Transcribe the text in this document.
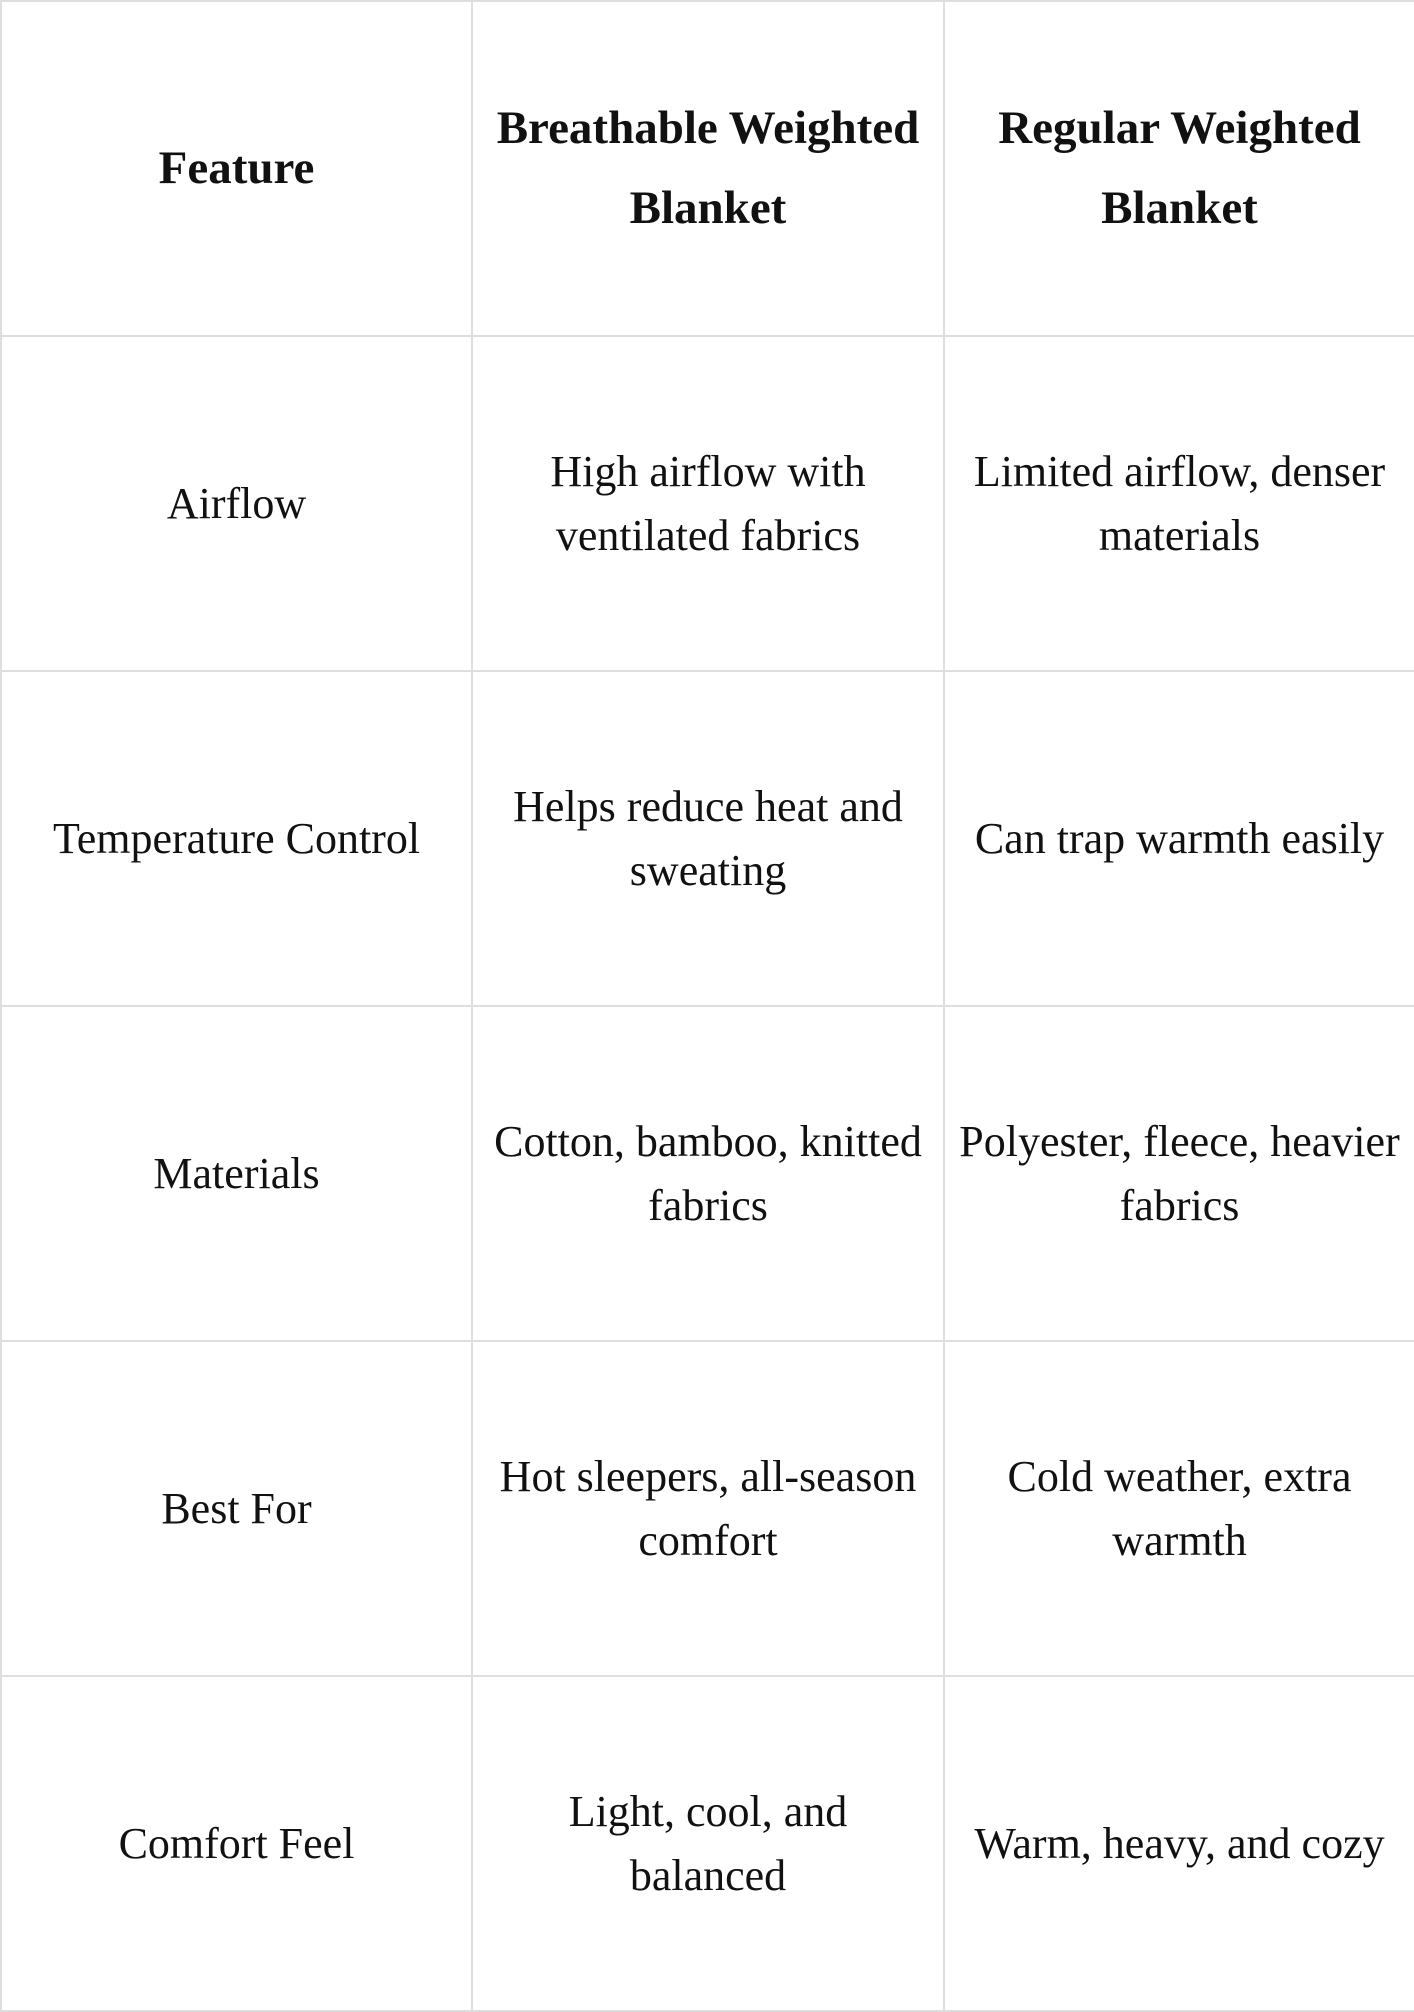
Feature	Breathable Weighted Blanket	Regular Weighted Blanket
Airflow	High airflow with ventilated fabrics	Limited airflow, denser materials
Temperature Control	Helps reduce heat and sweating	Can trap warmth easily
Materials	Cotton, bamboo, knitted fabrics	Polyester, fleece, heavier fabrics
Best For	Hot sleepers, all-season comfort	Cold weather, extra warmth
Comfort Feel	Light, cool, and balanced	Warm, heavy, and cozy
